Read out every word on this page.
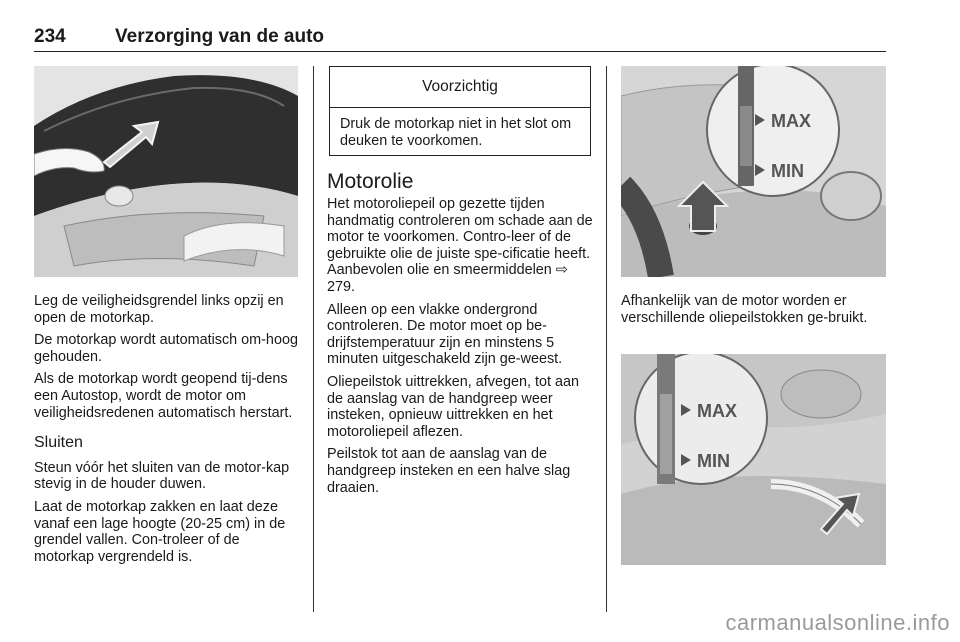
234	Verzorging van de auto

Leg de veiligheidsgrendel links opzij en open de motorkap.

De motorkap wordt automatisch om-hoog gehouden.

Als de motorkap wordt geopend tij-dens een Autostop, wordt de motor om veiligheidsredenen automatisch herstart.

Sluiten

Steun vóór het sluiten van de motor-kap stevig in de houder duwen.

Laat de motorkap zakken en laat deze vanaf een lage hoogte (20-25 cm) in de grendel vallen. Con-troleer of de motorkap vergrendeld is.

Voorzichtig
Druk de motorkap niet in het slot om deuken te voorkomen.
Motorolie

Het motoroliepeil op gezette tijden handmatig controleren om schade aan de motor te voorkomen. Contro-leer of de gebruikte olie de juiste spe-cificatie heeft. Aanbevolen olie en smeermiddelen ⇨ 279.

Alleen op een vlakke ondergrond controleren. De motor moet op be-drijfstemperatuur zijn en minstens 5 minuten uitgeschakeld zijn ge-weest.

Oliepeilstok uittrekken, afvegen, tot aan de aanslag van de handgreep weer insteken, opnieuw uittrekken en het motoroliepeil aflezen.

Peilstok tot aan de aanslag van de handgreep insteken en een halve slag draaien.

MAX
MIN

Afhankelijk van de motor worden er verschillende oliepeilstokken ge-bruikt.

MAX
MIN
carmanualsonline.info
